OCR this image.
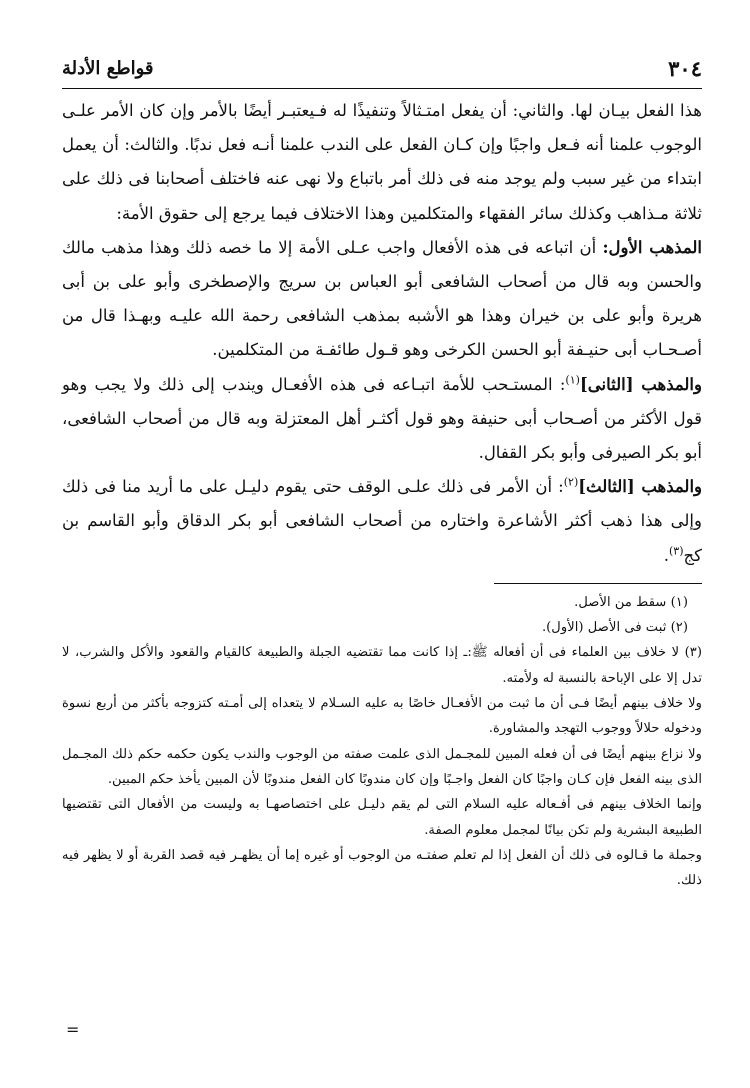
٣٠٤
قواطع الأدلة

هذا الفعل بيـان لها. والثاني: أن يفعل امتـثالاً وتنفيذًا له فـيعتبـر أيضًا بالأمر وإن كان الأمر علـى الوجوب علمنا أنه فـعل واجبًا وإن كـان الفعل على الندب علمنا أنـه فعل ندبًا. والثالث: أن يعمل ابتداء من غير سبب ولم يوجد منه فى ذلك أمر باتباع ولا نهى عنه فاختلف أصحابنا فى ذلك على ثلاثة مـذاهب وكذلك سائر الفقهاء والمتكلمين وهذا الاختلاف فيما يرجع إلى حقوق الأمة:

المذهب الأول: أن اتباعه فى هذه الأفعال واجب عـلى الأمة إلا ما خصه ذلك وهذا مذهب مالك والحسن وبه قال من أصحاب الشافعى أبو العباس بن سريج والإصطخرى وأبو على بن أبى هريرة وأبو على بن خيران وهذا هو الأشبه بمذهب الشافعى رحمة الله عليـه وبهـذا قال من أصـحـاب أبى حنيـفة أبو الحسن الكرخى وهو قـول طائفـة من المتكلمين.

والمذهب [الثانى]$^{(١)}$: المستـحب للأمة اتبـاعه فى هذه الأفعـال ويندب إلى ذلك ولا يجب وهو قول الأكثر من أصـحاب أبى حنيفة وهو قول أكثـر أهل المعتزلة وبه قال من أصحاب الشافعى، أبو بكر الصيرفى وأبو بكر القفال.

والمذهب [الثالث]$^{(٢)}$: أن الأمر فى ذلك علـى الوقف حتى يقوم دليـل على ما أريد منا فى ذلك وإلى هذا ذهب أكثر الأشاعرة واختاره من أصحاب الشافعى أبو بكر الدقاق وأبو القاسم بن كج$^{(٣)}$.

(١) سقط من الأصل.

(٢) ثبت فى الأصل (الأول).

(٣) لا خلاف بين العلماء فى أن أفعاله ﷺ:ـ إذا كانت مما تقتضيه الجبلة والطبيعة كالقيام والقعود والأكل والشرب، لا تدل إلا على الإباحة بالنسبة له ولأمته.

ولا خلاف بينهم أيضًا فـى أن ما ثبت من الأفعـال خاصًا به عليه السـلام لا يتعداه إلى أمـته كتزوجه بأكثر من أربع نسوة ودخوله حلالاً ووجوب التهجد والمشاورة.

ولا نزاع بينهم أيضًا فى أن فعله المبين للمجـمل الذى علمت صفته من الوجوب والندب يكون حكمه حكم ذلك المجـمل الذى بينه الفعل فإن كـان واجبًا كان الفعل واجـبًا وإن كان مندوبًا كان الفعل مندوبًا لأن المبين يأخذ حكم المبين.

وإنما الخلاف بينهم فى أفـعاله عليه السلام التى لم يقم دليـل على اختصاصهـا به وليست من الأفعال التى تقتضيها الطبيعة البشرية ولم تكن بيانًا لمجمل معلوم الصفة.

وجملة ما قـالوه فى ذلك أن الفعل إذا لم تعلم صفتـه من الوجوب أو غيره إما أن يظهـر فيه قصد القربة أو لا يظهر فيه ذلك.

=
